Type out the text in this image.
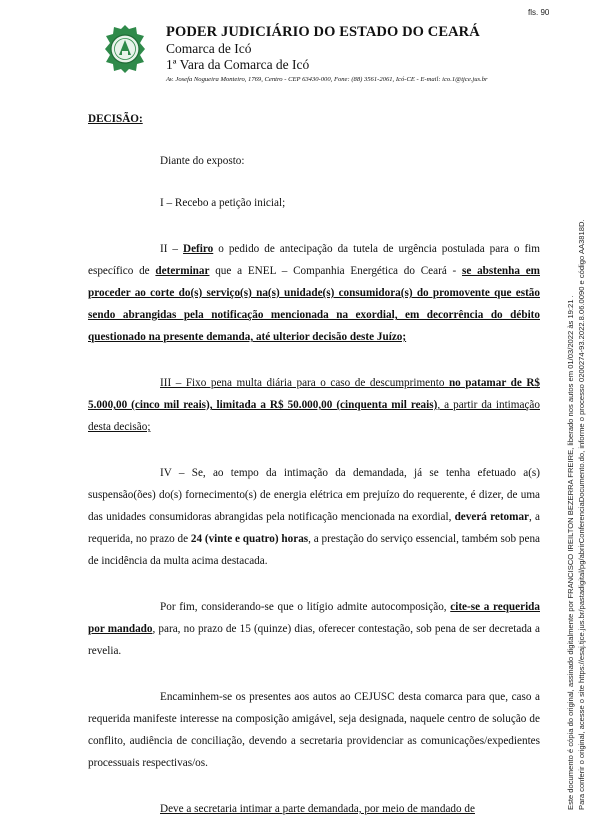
fls. 90
PODER JUDICIÁRIO DO ESTADO DO CEARÁ
Comarca de Icó
1ª Vara da Comarca de Icó
Av. Josefa Nogueira Monteiro, 1769, Centro - CEP 63430-000, Fone: (88) 3561-2061, Icó-CE - E-mail: ico.1@tjce.jus.br

DECISÃO:

Diante do exposto:

I – Recebo a petição inicial;

II – Defiro o pedido de antecipação da tutela de urgência postulada para o fim específico de determinar que a ENEL – Companhia Energética do Ceará - se abstenha em proceder ao corte do(s) serviço(s) na(s) unidade(s) consumidora(s) do promovente que estão sendo abrangidas pela notificação mencionada na exordial, em decorrência do débito questionado na presente demanda, até ulterior decisão deste Juízo;

III – Fixo pena multa diária para o caso de descumprimento no patamar de R$ 5.000,00 (cinco mil reais), limitada a R$ 50.000,00 (cinquenta mil reais), a partir da intimação desta decisão;

IV – Se, ao tempo da intimação da demandada, já se tenha efetuado a(s) suspensão(ões) do(s) fornecimento(s) de energia elétrica em prejuízo do requerente, é dizer, de uma das unidades consumidoras abrangidas pela notificação mencionada na exordial, deverá retomar, a requerida, no prazo de 24 (vinte e quatro) horas, a prestação do serviço essencial, também sob pena de incidência da multa acima destacada.

Por fim, considerando-se que o litígio admite autocomposição, cite-se a requerida por mandado, para, no prazo de 15 (quinze) dias, oferecer contestação, sob pena de ser decretada a revelia.

Encaminhem-se os presentes aos autos ao CEJUSC desta comarca para que, caso a requerida manifeste interesse na composição amigável, seja designada, naquele centro de solução de conflito, audiência de conciliação, devendo a secretaria providenciar as comunicações/expedientes processuais respectivas/os.

Deve a secretaria intimar a parte demandada, por meio de mandado de	Este documento é cópia do original, assinado digitalmente por FRANCISCO IREILTON BEZERRA FREIRE, liberado nos autos em 01/03/2022 às 19:21 . Para conferir o original, acesse o site https://esaj.tjce.jus.br/pastadigital/pg/abrirConferenciaDocumento.do, informe o processo 0200274-93.2022.8.06.0090 e código AA3818D.
